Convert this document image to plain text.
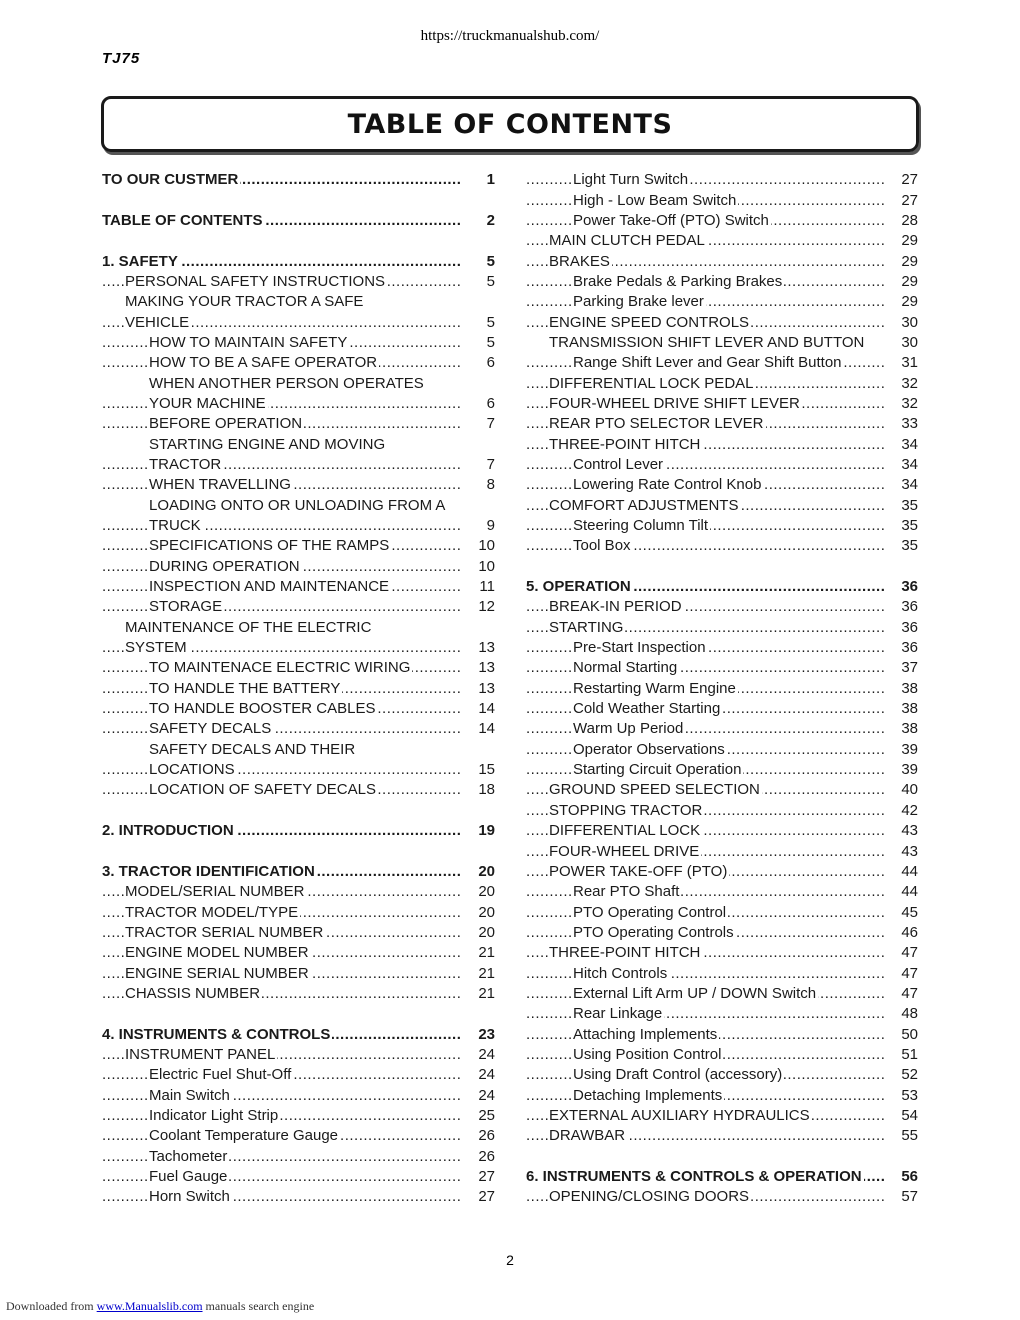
https://truckmanualshub.com/
TJ75
TABLE OF CONTENTS
TO OUR CUSTMER .....	1
TABLE OF CONTENTS .....	2
1. SAFETY .....	5
PERSONAL SAFETY INSTRUCTIONS .....	5
MAKING YOUR TRACTOR A SAFE
VEHICLE .....	5
HOW TO MAINTAIN SAFETY .....	5
HOW TO BE A SAFE OPERATOR .....	6
WHEN ANOTHER PERSON OPERATES
YOUR MACHINE .....	6
BEFORE OPERATION .....	7
STARTING ENGINE AND MOVING
TRACTOR .....	7
WHEN TRAVELLING .....	8
LOADING ONTO OR UNLOADING FROM A
TRUCK .....	9
SPECIFICATIONS OF THE RAMPS .....	10
DURING OPERATION .....	10
INSPECTION AND MAINTENANCE .....	11
STORAGE .....	12
MAINTENANCE OF THE ELECTRIC
SYSTEM .....	13
TO MAINTENACE ELECTRIC WIRING .....	13
TO HANDLE THE BATTERY .....	13
TO HANDLE BOOSTER CABLES .....	14
SAFETY DECALS .....	14
SAFETY DECALS AND THEIR
LOCATIONS .....	15
LOCATION OF SAFETY DECALS .....	18
2. INTRODUCTION .....	19
3. TRACTOR IDENTIFICATION .....	20
MODEL/SERIAL NUMBER .....	20
TRACTOR MODEL/TYPE .....	20
TRACTOR SERIAL NUMBER .....	20
ENGINE MODEL NUMBER .....	21
ENGINE SERIAL NUMBER .....	21
CHASSIS NUMBER .....	21
4. INSTRUMENTS & CONTROLS .....	23
INSTRUMENT PANEL .....	24
Electric Fuel Shut-Off .....	24
Main Switch .....	24
Indicator Light Strip .....	25
Coolant Temperature Gauge .....	26
Tachometer .....	26
Fuel Gauge .....	27
Horn Switch .....	27
Light Turn Switch .....	27
High - Low Beam Switch .....	27
Power Take-Off (PTO) Switch .....	28
MAIN CLUTCH PEDAL .....	29
BRAKES .....	29
Brake Pedals & Parking Brakes .....	29
Parking Brake lever .....	29
ENGINE SPEED CONTROLS .....	30
TRANSMISSION SHIFT LEVER AND BUTTON	30
Range Shift Lever and Gear Shift Button .....	31
DIFFERENTIAL LOCK PEDAL .....	32
FOUR-WHEEL DRIVE SHIFT LEVER .....	32
REAR PTO SELECTOR LEVER .....	33
THREE-POINT HITCH .....	34
Control Lever .....	34
Lowering Rate Control Knob .....	34
COMFORT ADJUSTMENTS .....	35
Steering Column Tilt .....	35
Tool Box .....	35
5. OPERATION .....	36
BREAK-IN PERIOD .....	36
STARTING .....	36
Pre-Start Inspection .....	36
Normal Starting .....	37
Restarting Warm Engine .....	38
Cold Weather Starting .....	38
Warm Up Period .....	38
Operator Observations .....	39
Starting Circuit Operation .....	39
GROUND SPEED SELECTION .....	40
STOPPING TRACTOR .....	42
DIFFERENTIAL LOCK .....	43
FOUR-WHEEL DRIVE .....	43
POWER TAKE-OFF (PTO) .....	44
Rear PTO Shaft .....	44
PTO Operating Control .....	45
PTO Operating Controls .....	46
THREE-POINT HITCH .....	47
Hitch Controls .....	47
External Lift Arm UP / DOWN Switch .....	47
Rear Linkage .....	48
Attaching Implements .....	50
Using Position Control .....	51
Using Draft Control (accessory) .....	52
Detaching Implements .....	53
EXTERNAL AUXILIARY HYDRAULICS .....	54
DRAWBAR .....	55
6. INSTRUMENTS & CONTROLS & OPERATION .....	56
OPENING/CLOSING DOORS .....	57
2
Downloaded from www.Manualslib.com manuals search engine
